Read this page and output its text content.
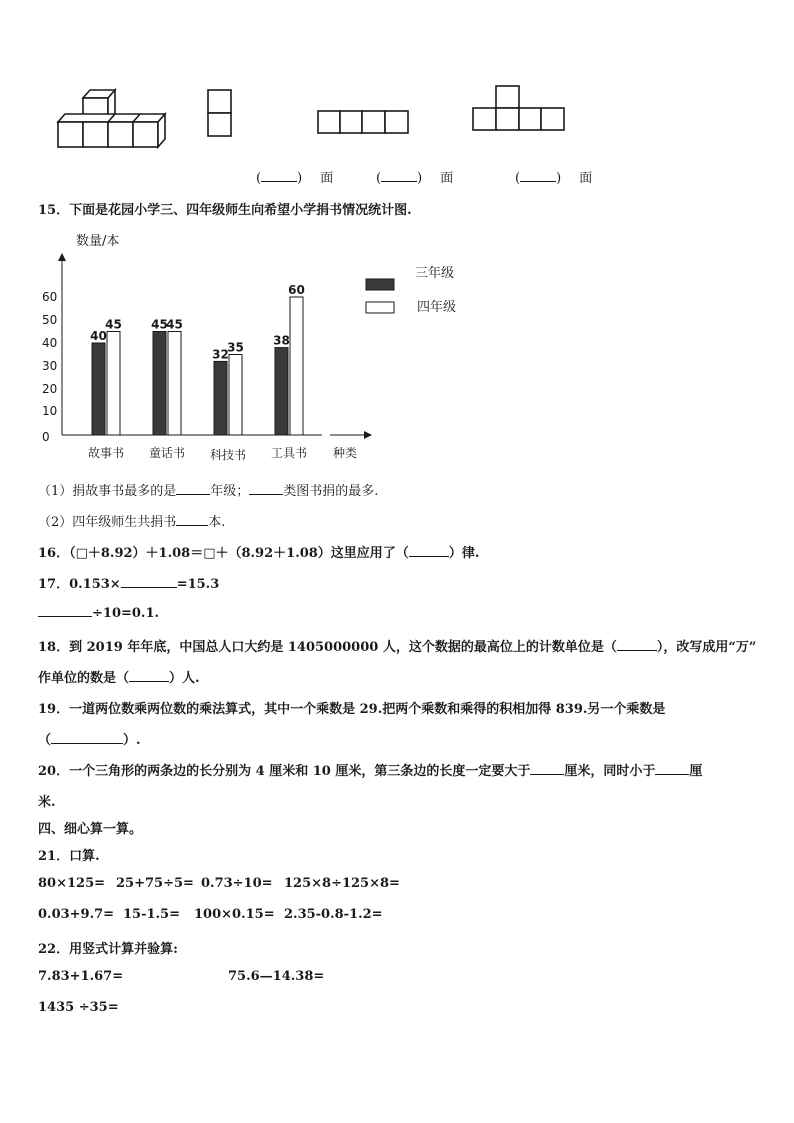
(	) 面	(	) 面	(	) 面
15．下面是花园小学三、四年级师生向希望小学捐书情况统计图.
数量/本
种类
0
10
20
30
40
50
60
40
45 45
45
32
35 38
60
故事书 童话书 科技书 工具书
三年级
四年级
（1）捐故事书最多的是	年级；	类图书捐的最多.
（2）四年级师生共捐书 本.
16．（□＋8.92）＋1.08＝□＋（8.92＋1.08）这里应用了（	）律.
17．0.153×	=15.3
÷10=0.1.
18．到 2019 年年底，中国总人口大约是 1405000000 人，这个数据的最高位上的计数单位是（	），改写成用“万”
作单位的数是（	）人.
19．一道两位数乘两位数的乘法算式，其中一个乘数是 29.把两个乘数和乘得的积相加得 839.另一个乘数是
（	）.
20．一个三角形的两条边的长分别为 4 厘米和 10 厘米，第三条边的长度一定要大于	厘米，同时小于	厘
米.
四、细心算一算。
21．口算.
80×125= 25+75÷5= 0.73÷10= 125×8÷125×8=
0.03+9.7= 15-1.5= 100×0.15= 2.35-0.8-1.2=
22．用竖式计算并验算:
7.83+1.67=	75.6—14.38=
1435 ÷35=
